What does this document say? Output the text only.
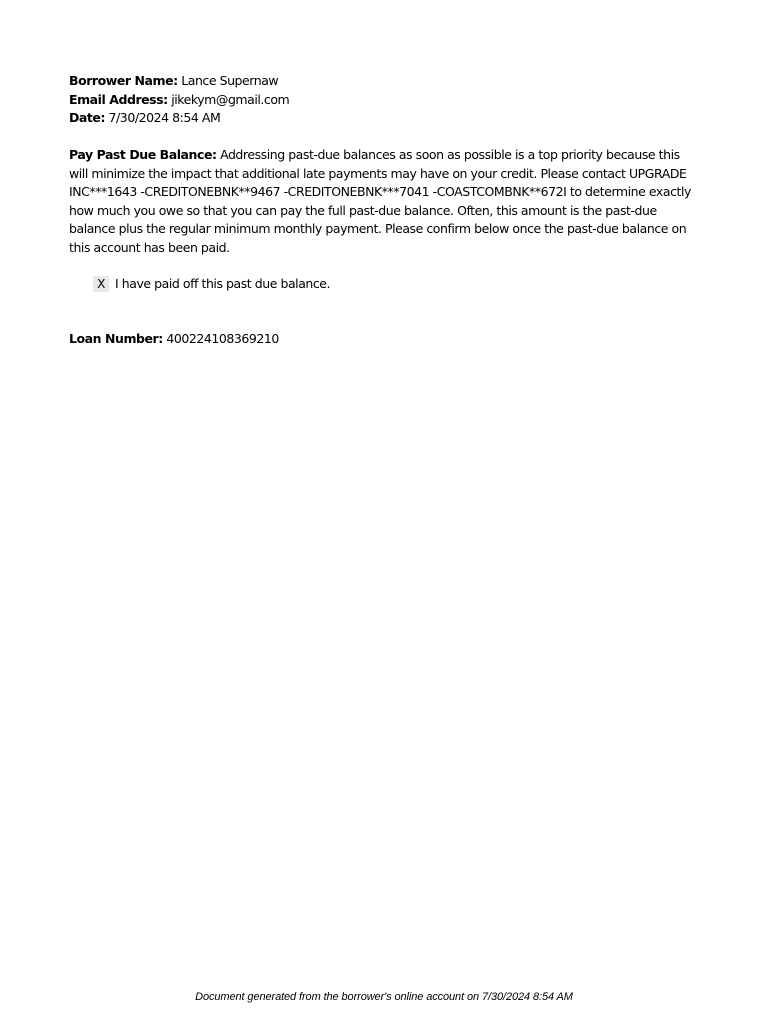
Borrower Name: Lance Supernaw
Email Address: jikekym@gmail.com
Date: 7/30/2024 8:54 AM
Pay Past Due Balance: Addressing past-due balances as soon as possible is a top priority because this will minimize the impact that additional late payments may have on your credit. Please contact UPGRADE INC***1643 -CREDITONEBNK**9467 -CREDITONEBNK***7041 -COASTCOMBNK**672I to determine exactly how much you owe so that you can pay the full past-due balance. Often, this amount is the past-due balance plus the regular minimum monthly payment. Please confirm below once the past-due balance on this account has been paid.
X I have paid off this past due balance.
Loan Number: 400224108369210
Document generated from the borrower's online account on 7/30/2024 8:54 AM
